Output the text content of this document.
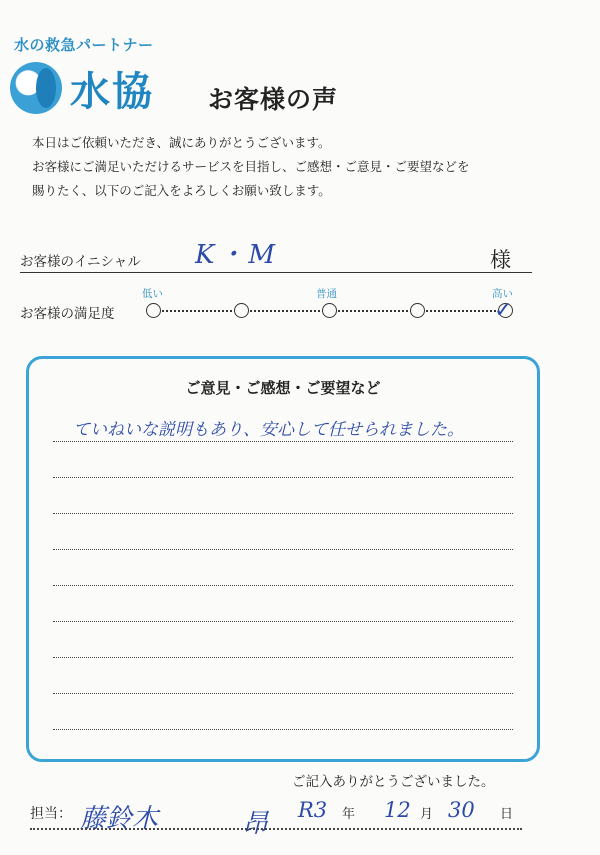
水の救急パートナー
水協 お客様の声
本日はご依頼いただき、誠にありがとうございます。
お客様にご満足いただけるサービスを目指し、ご感想・ご意見・ご要望などを
賜りたく、以下のご記入をよろしくお願い致します。
お客様のイニシャル K・M	様
お客様の満足度
低い	普通	高い
✓
ご意見・ご感想・ご要望など
ていねいな説明もあり、安心して任せられました。
ご記入ありがとうございました。
担当： 藤鈴木	昂 R3 年 12 月 30 日
